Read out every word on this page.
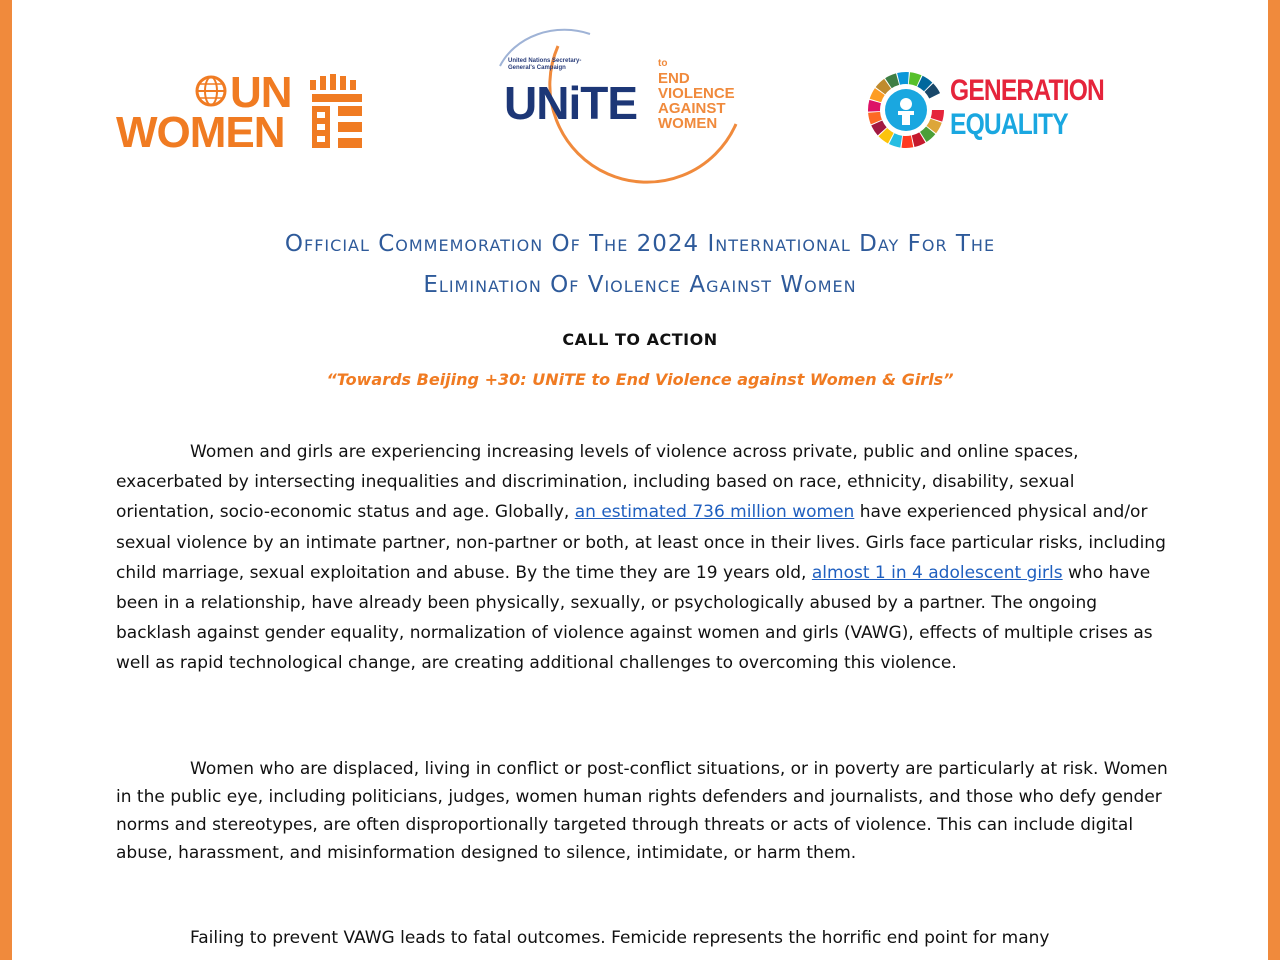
UN
WOMEN
United Nations Secretary-General's Campaign
UNiTE
to
END
VIOLENCE
AGAINST
WOMEN
GENERATION
EQUALITY
Official Commemoration Of The 2024 International Day For The
Elimination Of Violence Against Women
CALL TO ACTION
“Towards Beijing +30: UNiTE to End Violence against Women & Girls”

Women and girls are experiencing increasing levels of violence across private, public and online spaces, exacerbated by intersecting inequalities and discrimination, including based on race, ethnicity, disability, sexual orientation, socio-economic status and age. Globally, an estimated 736 million women have experienced physical and/or sexual violence by an intimate partner, non-partner or both, at least once in their lives. Girls face particular risks, including child marriage, sexual exploitation and abuse. By the time they are 19 years old, almost 1 in 4 adolescent girls who have been in a relationship, have already been physically, sexually, or psychologically abused by a partner. The ongoing backlash against gender equality, normalization of violence against women and girls (VAWG), effects of multiple crises as well as rapid technological change, are creating additional challenges to overcoming this violence.

Women who are displaced, living in conflict or post-conflict situations, or in poverty are particularly at risk. Women in the public eye, including politicians, judges, women human rights defenders and journalists, and those who defy gender norms and stereotypes, are often disproportionally targeted through threats or acts of violence. This can include digital abuse, harassment, and misinformation designed to silence, intimidate, or harm them.

Failing to prevent VAWG leads to fatal outcomes. Femicide represents the horrific end point for many
